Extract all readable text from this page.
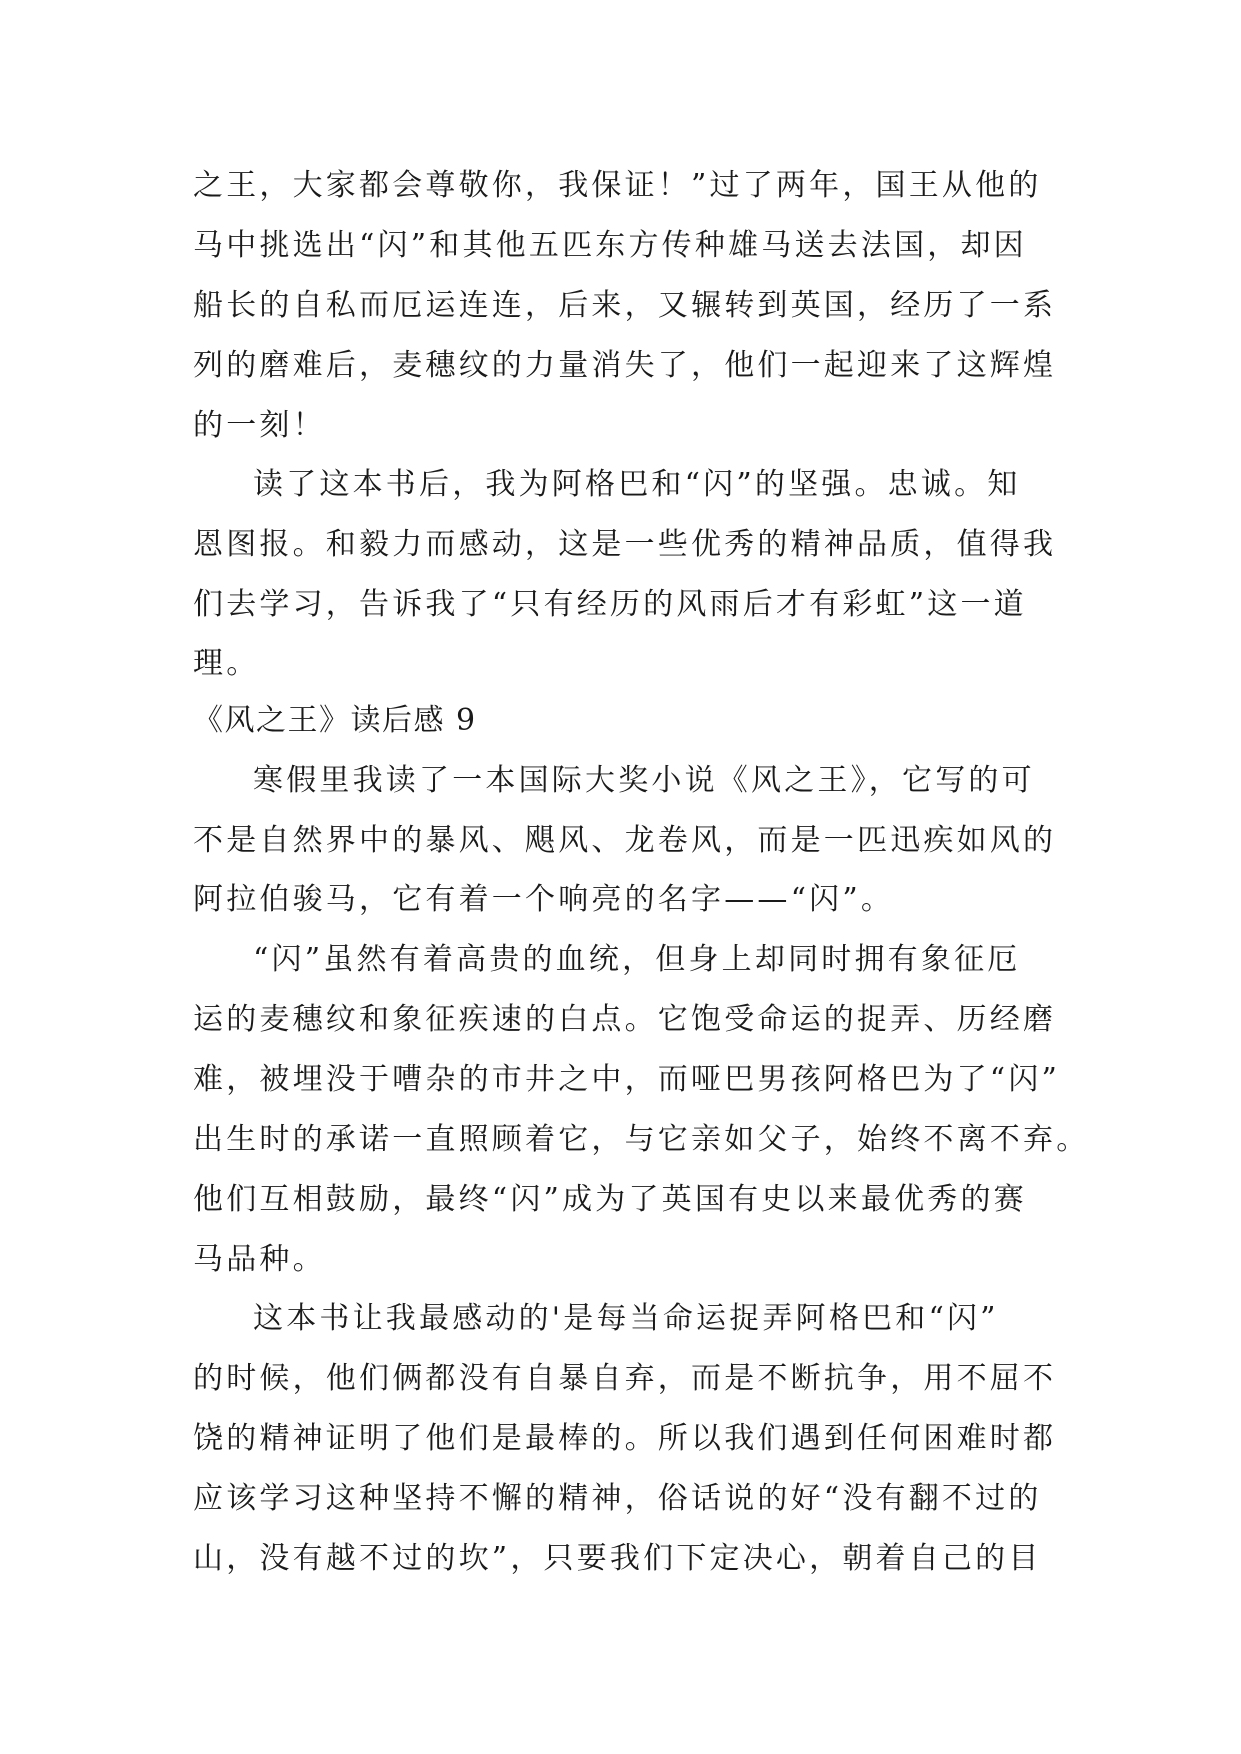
之王，大家都会尊敬你，我保证！”过了两年，国王从他的
马中挑选出“闪”和其他五匹东方传种雄马送去法国，却因
船长的自私而厄运连连，后来，又辗转到英国，经历了一系
列的磨难后，麦穗纹的力量消失了，他们一起迎来了这辉煌
的一刻！
读了这本书后，我为阿格巴和“闪”的坚强。忠诚。知
恩图报。和毅力而感动，这是一些优秀的精神品质，值得我
们去学习，告诉我了“只有经历的风雨后才有彩虹”这一道
理。
《风之王》读后感 9
寒假里我读了一本国际大奖小说《风之王》，它写的可
不是自然界中的暴风、飓风、龙卷风，而是一匹迅疾如风的
阿拉伯骏马，它有着一个响亮的名字——“闪”。
“闪”虽然有着高贵的血统，但身上却同时拥有象征厄
运的麦穗纹和象征疾速的白点。它饱受命运的捉弄、历经磨
难，被埋没于嘈杂的市井之中，而哑巴男孩阿格巴为了“闪”
出生时的承诺一直照顾着它，与它亲如父子，始终不离不弃。
他们互相鼓励，最终“闪”成为了英国有史以来最优秀的赛
马品种。
这本书让我最感动的'是每当命运捉弄阿格巴和“闪”
的时候，他们俩都没有自暴自弃，而是不断抗争，用不屈不
饶的精神证明了他们是最棒的。所以我们遇到任何困难时都
应该学习这种坚持不懈的精神，俗话说的好“没有翻不过的
山，没有越不过的坎”，只要我们下定决心，朝着自己的目
